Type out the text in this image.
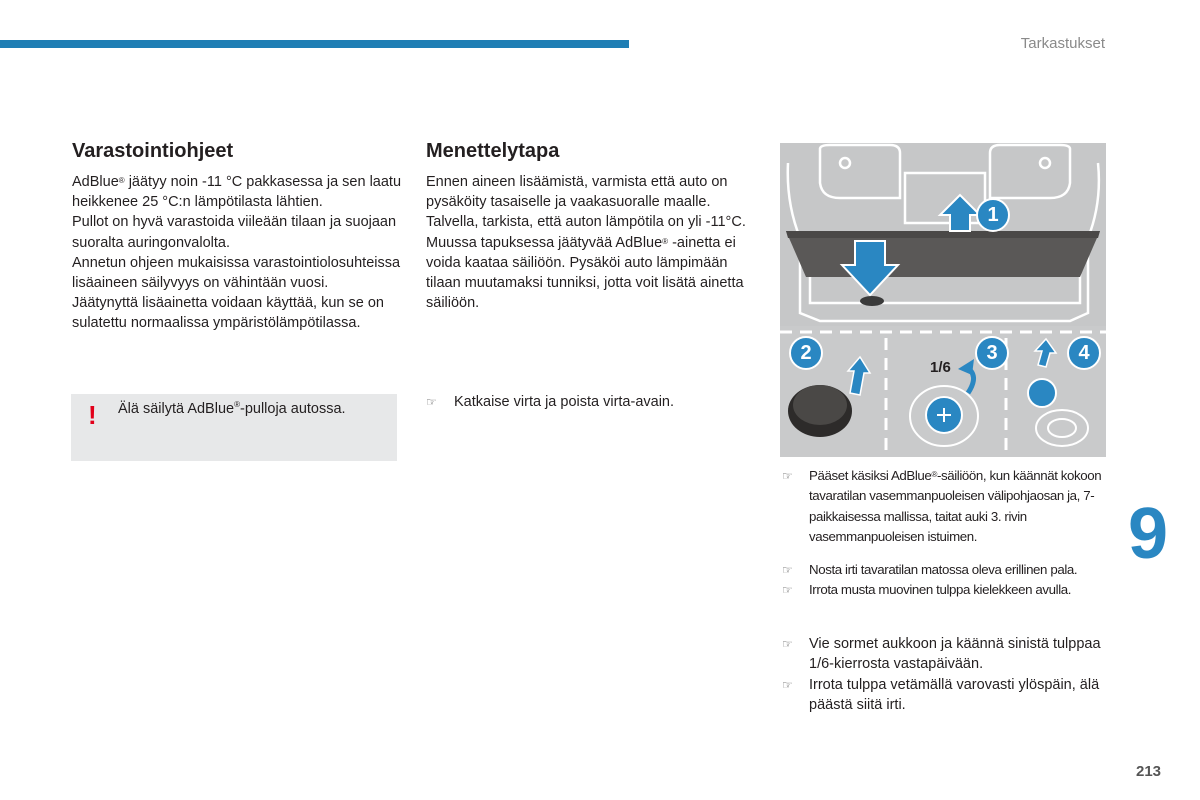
Tarkastukset
Varastointiohjeet

AdBlue® jäätyy noin -11 °C pakkasessa ja sen laatu heikkenee 25 °C:n lämpötilasta lähtien.

Pullot on hyvä varastoida viileään tilaan ja suojaan suoralta auringonvalolta.

Annetun ohjeen mukaisissa varastointiolosuhteissa lisäaineen säilyvyys on vähintään vuosi.

Jäätynyttä lisäainetta voidaan käyttää, kun se on sulatettu normaalissa ympäristölämpötilassa.

! Älä säilytä AdBlue®-pulloja autossa.
Menettelytapa

Ennen aineen lisäämistä, varmista että auto on pysäköity tasaiselle ja vaakasuoralle maalle. Talvella, tarkista, että auton lämpötila on yli -11°C. Muussa tapuksessa jäätyvää AdBlue® -ainetta ei voida kaataa säiliöön. Pysäköi auto lämpimään tilaan muutamaksi tunniksi, jotta voit lisätä ainetta säiliöön.

☞	Katkaise virta ja poista virta-avain.
1
2	3	4
1/6
☞	Pääset käsiksi AdBlue®-säiliöön, kun käännät kokoon tavaratilan vasemmanpuoleisen välipohjaosan ja, 7-paikkaisessa mallissa, taitat auki 3. rivin vasemmanpuoleisen istuimen.
☞	Nosta irti tavaratilan matossa oleva erillinen pala.
☞	Irrota musta muovinen tulppa kielekkeen avulla.
☞	Vie sormet aukkoon ja käännä sinistä tulppaa 1/6-kierrosta vastapäivään.
☞	Irrota tulppa vetämällä varovasti ylöspäin, älä päästä siitä irti.
9
213
